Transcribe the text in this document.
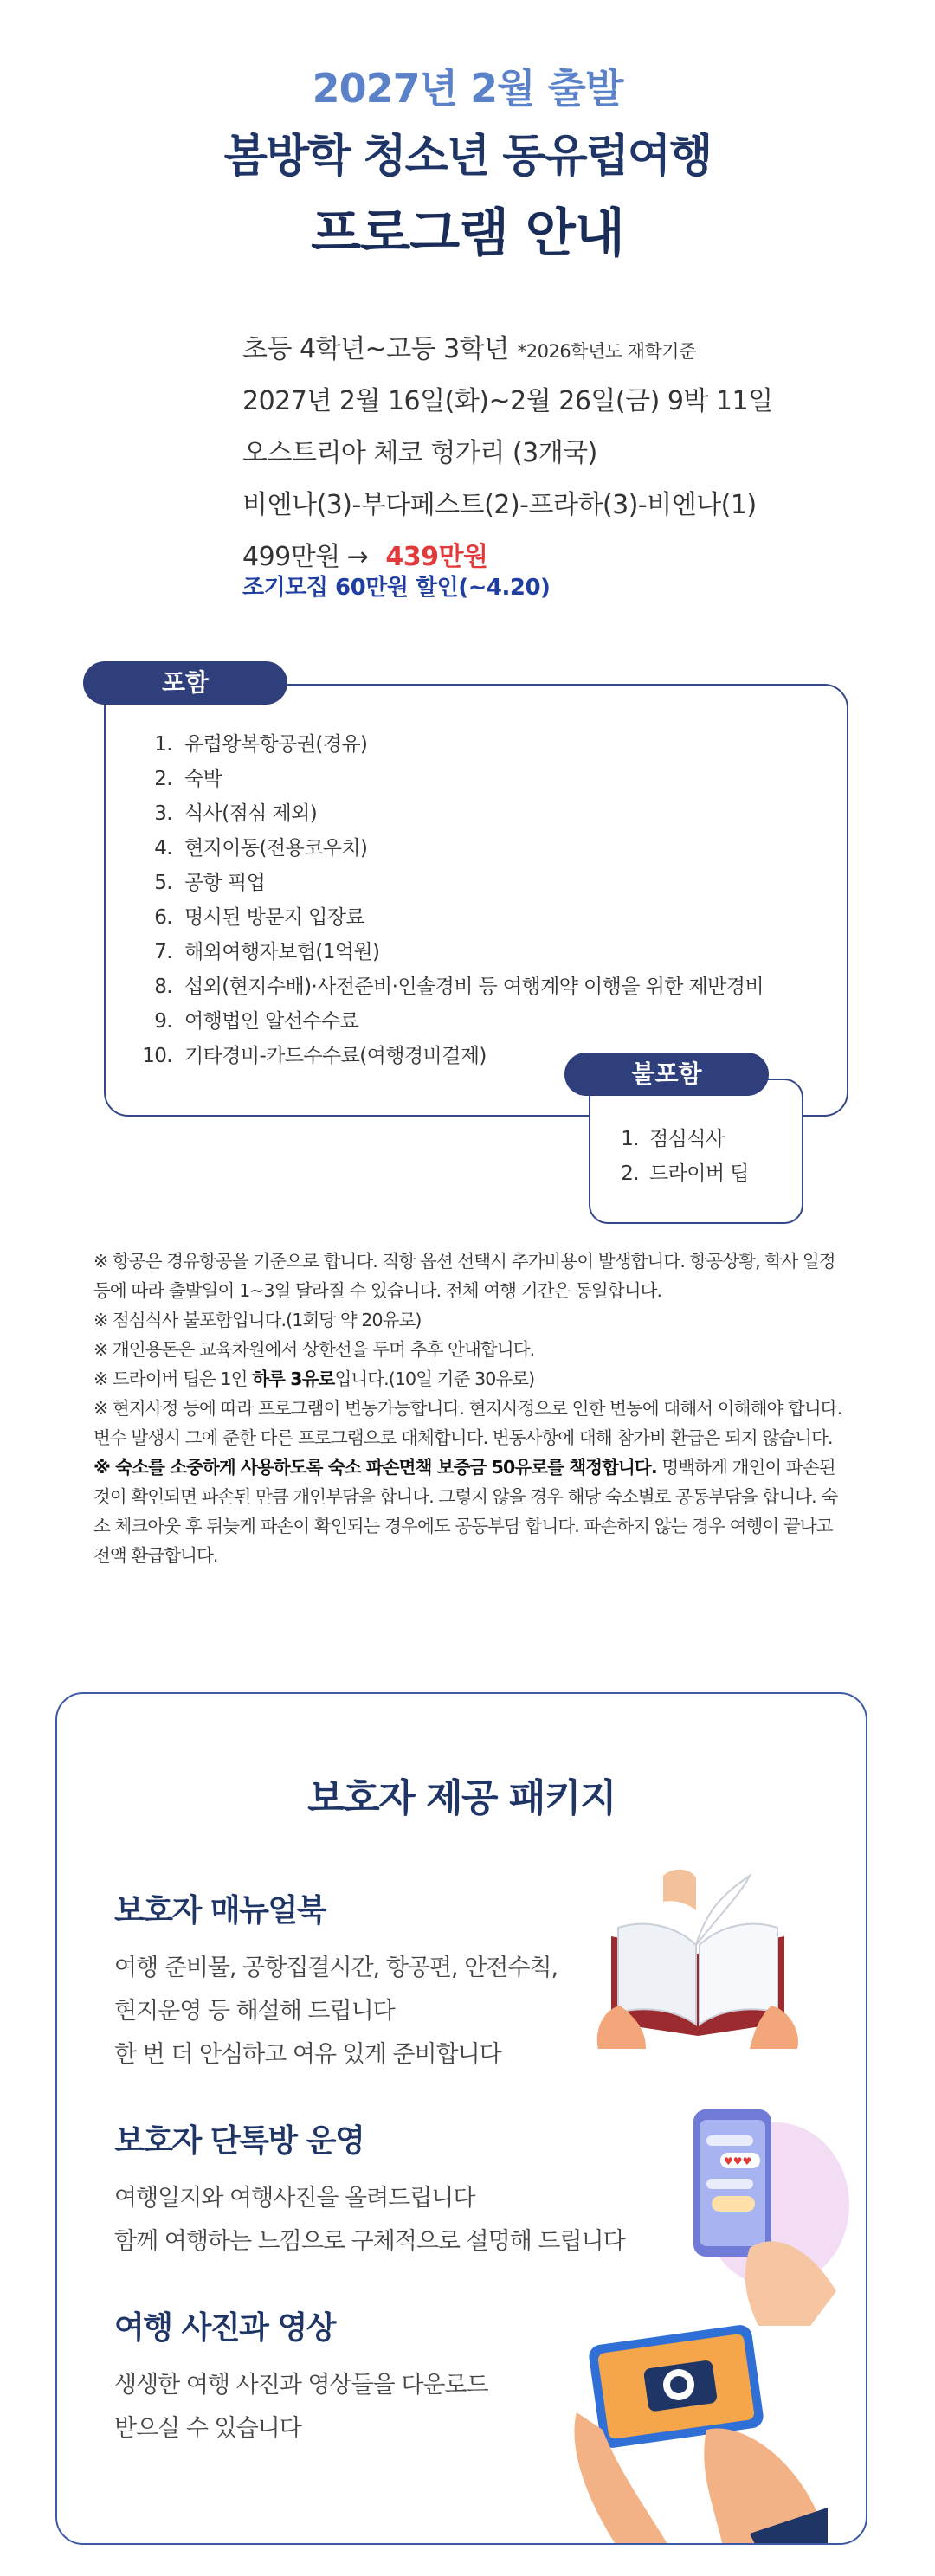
2027년 2월 출발
봄방학 청소년 동유럽여행
프로그램 안내
초등 4학년~고등 3학년 *2026학년도 재학기준
2027년 2월 16일(화)~2월 26일(금) 9박 11일
오스트리아 체코 헝가리 (3개국)
비엔나(3)-부다페스트(2)-프라하(3)-비엔나(1)
499만원 → 439만원
조기모집 60만원 할인(~4.20)
포함
1. 유럽왕복항공권(경유)
2. 숙박
3. 식사(점심 제외)
4. 현지이동(전용코우치)
5. 공항 픽업
6. 명시된 방문지 입장료
7. 해외여행자보험(1억원)
8. 섭외(현지수배)·사전준비·인솔경비 등 여행계약 이행을 위한 제반경비
9. 여행법인 알선수수료
10. 기타경비-카드수수료(여행경비결제)
불포함
1. 점심식사
2. 드라이버 팁

※ 항공은 경유항공을 기준으로 합니다. 직항 옵션 선택시 추가비용이 발생합니다. 항공상황, 학사 일정 등에 따라 출발일이 1~3일 달라질 수 있습니다. 전체 여행 기간은 동일합니다.

※ 점심식사 불포함입니다.(1회당 약 20유로)

※ 개인용돈은 교육차원에서 상한선을 두며 추후 안내합니다.

※ 드라이버 팁은 1인 하루 3유로입니다.(10일 기준 30유로)

※ 현지사정 등에 따라 프로그램이 변동가능합니다. 현지사정으로 인한 변동에 대해서 이해해야 합니다. 변수 발생시 그에 준한 다른 프로그램으로 대체합니다. 변동사항에 대해 참가비 환급은 되지 않습니다.

※ 숙소를 소중하게 사용하도록 숙소 파손면책 보증금 50유로를 책정합니다. 명백하게 개인이 파손된 것이 확인되면 파손된 만큼 개인부담을 합니다. 그렇지 않을 경우 해당 숙소별로 공동부담을 합니다. 숙소 체크아웃 후 뒤늦게 파손이 확인되는 경우에도 공동부담 합니다. 파손하지 않는 경우 여행이 끝나고 전액 환급합니다.

보호자 제공 패키지
보호자 매뉴얼북
여행 준비물, 공항집결시간, 항공편, 안전수칙,
현지운영 등 해설해 드립니다
한 번 더 안심하고 여유 있게 준비합니다
보호자 단톡방 운영
여행일지와 여행사진을 올려드립니다
함께 여행하는 느낌으로 구체적으로 설명해 드립니다
여행 사진과 영상
생생한 여행 사진과 영상들을 다운로드
받으실 수 있습니다
♥♥♥
